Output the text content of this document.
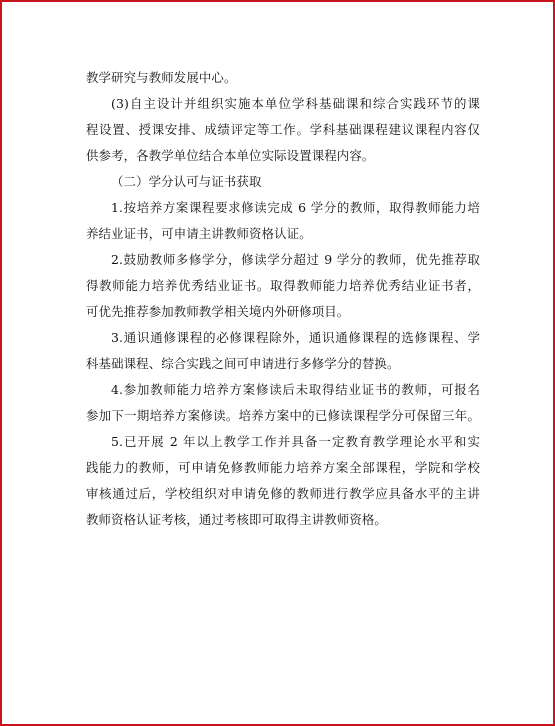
教学研究与教师发展中心。
(3)自主设计并组织实施本单位学科基础课和综合实践环节的课
程设置、授课安排、成绩评定等工作。学科基础课程建议课程内容仅
供参考，各教学单位结合本单位实际设置课程内容。
（二）学分认可与证书获取
1.按培养方案课程要求修读完成 6 学分的教师，取得教师能力培
养结业证书，可申请主讲教师资格认证。
2.鼓励教师多修学分，修读学分超过 9 学分的教师，优先推荐取
得教师能力培养优秀结业证书。取得教师能力培养优秀结业证书者，
可优先推荐参加教师教学相关境内外研修项目。
3.通识通修课程的必修课程除外，通识通修课程的选修课程、学
科基础课程、综合实践之间可申请进行多修学分的替换。
4.参加教师能力培养方案修读后未取得结业证书的教师，可报名
参加下一期培养方案修读。培养方案中的已修读课程学分可保留三年。
5.已开展 2 年以上教学工作并具备一定教育教学理论水平和实
践能力的教师，可申请免修教师能力培养方案全部课程，学院和学校
审核通过后，学校组织对申请免修的教师进行教学应具备水平的主讲
教师资格认证考核，通过考核即可取得主讲教师资格。
